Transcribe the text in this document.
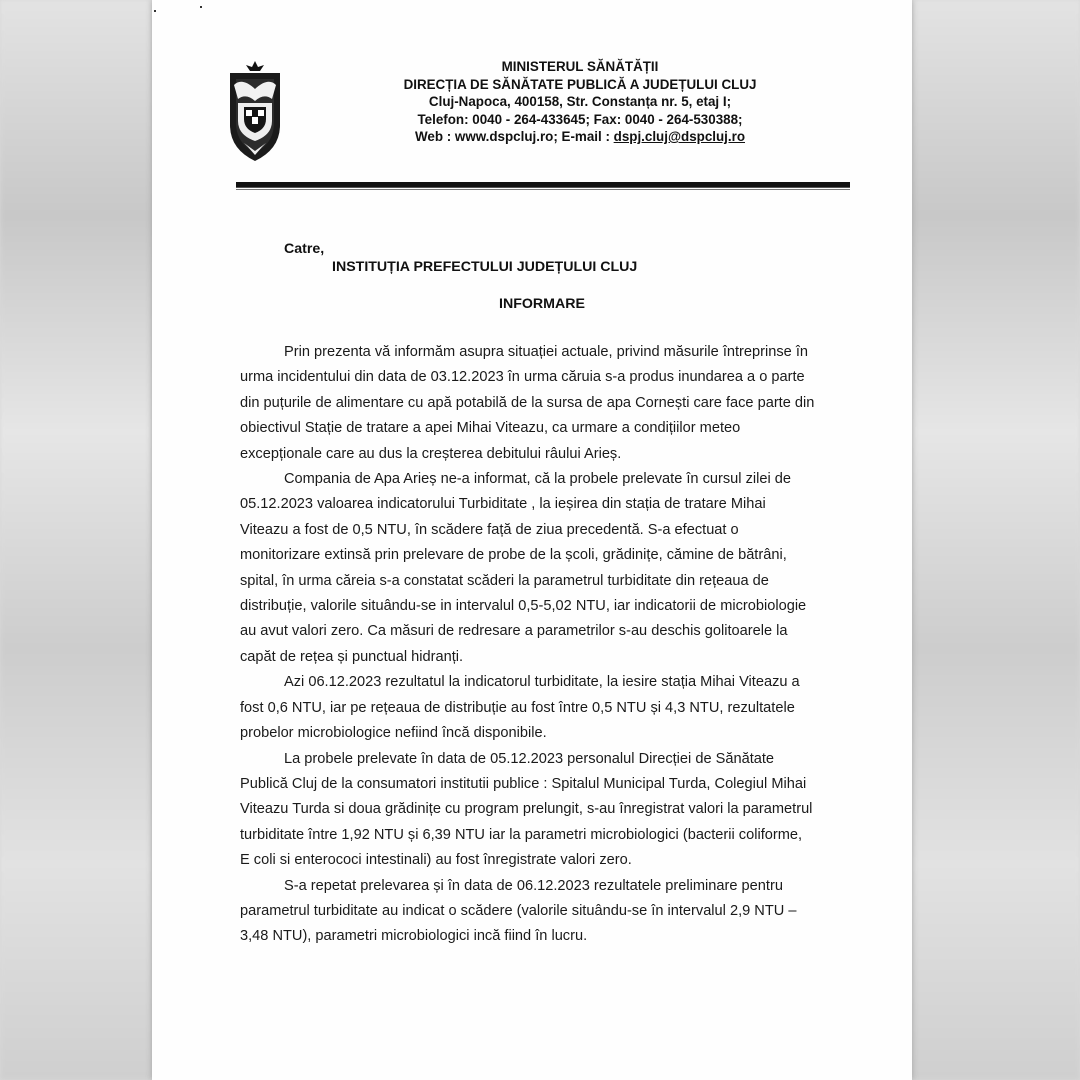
MINISTERUL SĂNĂTĂȚII
DIRECȚIA DE SĂNĂTATE PUBLICĂ A JUDEȚULUI CLUJ
Cluj-Napoca, 400158, Str. Constanța nr. 5, etaj I;
Telefon: 0040 - 264-433645; Fax: 0040 - 264-530388;
Web : www.dspcluj.ro; E-mail : dspj.cluj@dspcluj.ro
Catre,
INSTITUȚIA PREFECTULUI JUDEȚULUI CLUJ
INFORMARE
Prin prezenta vă informăm asupra situației actuale, privind măsurile întreprinse în
urma incidentului din data de 03.12.2023 în urma căruia s-a produs inundarea a o parte
din puțurile de alimentare cu apă potabilă de la sursa de apa Cornești care face parte din
obiectivul Stație de tratare a apei Mihai Viteazu, ca urmare a condițiilor meteo
excepționale care au dus la creșterea debitului râului Arieș.
Compania de Apa Arieș ne-a informat, că la probele prelevate în cursul zilei de
05.12.2023 valoarea indicatorului Turbiditate , la ieșirea din stația de tratare Mihai
Viteazu a fost de 0,5 NTU, în scădere față de ziua precedentă. S-a efectuat o
monitorizare extinsă prin prelevare de probe de la școli, grădinițe, cămine de bătrâni,
spital, în urma căreia s-a constatat scăderi la parametrul turbiditate din rețeaua de
distribuție, valorile situându-se in intervalul 0,5-5,02 NTU, iar indicatorii de microbiologie
au avut valori zero. Ca măsuri de redresare a parametrilor s-au deschis golitoarele la
capăt de rețea și punctual hidranți.
Azi 06.12.2023 rezultatul la indicatorul turbiditate, la iesire stația Mihai Viteazu a
fost 0,6 NTU, iar pe rețeaua de distribuție au fost între 0,5 NTU și 4,3 NTU, rezultatele
probelor microbiologice nefiind încă disponibile.
La probele prelevate în data de 05.12.2023 personalul Direcției de Sănătate
Publică Cluj de la consumatori institutii publice : Spitalul Municipal Turda, Colegiul Mihai
Viteazu Turda si doua grădinițe cu program prelungit, s-au înregistrat valori la parametrul
turbiditate între 1,92 NTU și 6,39 NTU iar la parametri microbiologici (bacterii coliforme,
E coli si enterococi intestinali) au fost înregistrate valori zero.
S-a repetat prelevarea și în data de 06.12.2023 rezultatele preliminare pentru
parametrul turbiditate au indicat o scădere (valorile situându-se în intervalul 2,9 NTU –
3,48 NTU), parametri microbiologici incă fiind în lucru.
